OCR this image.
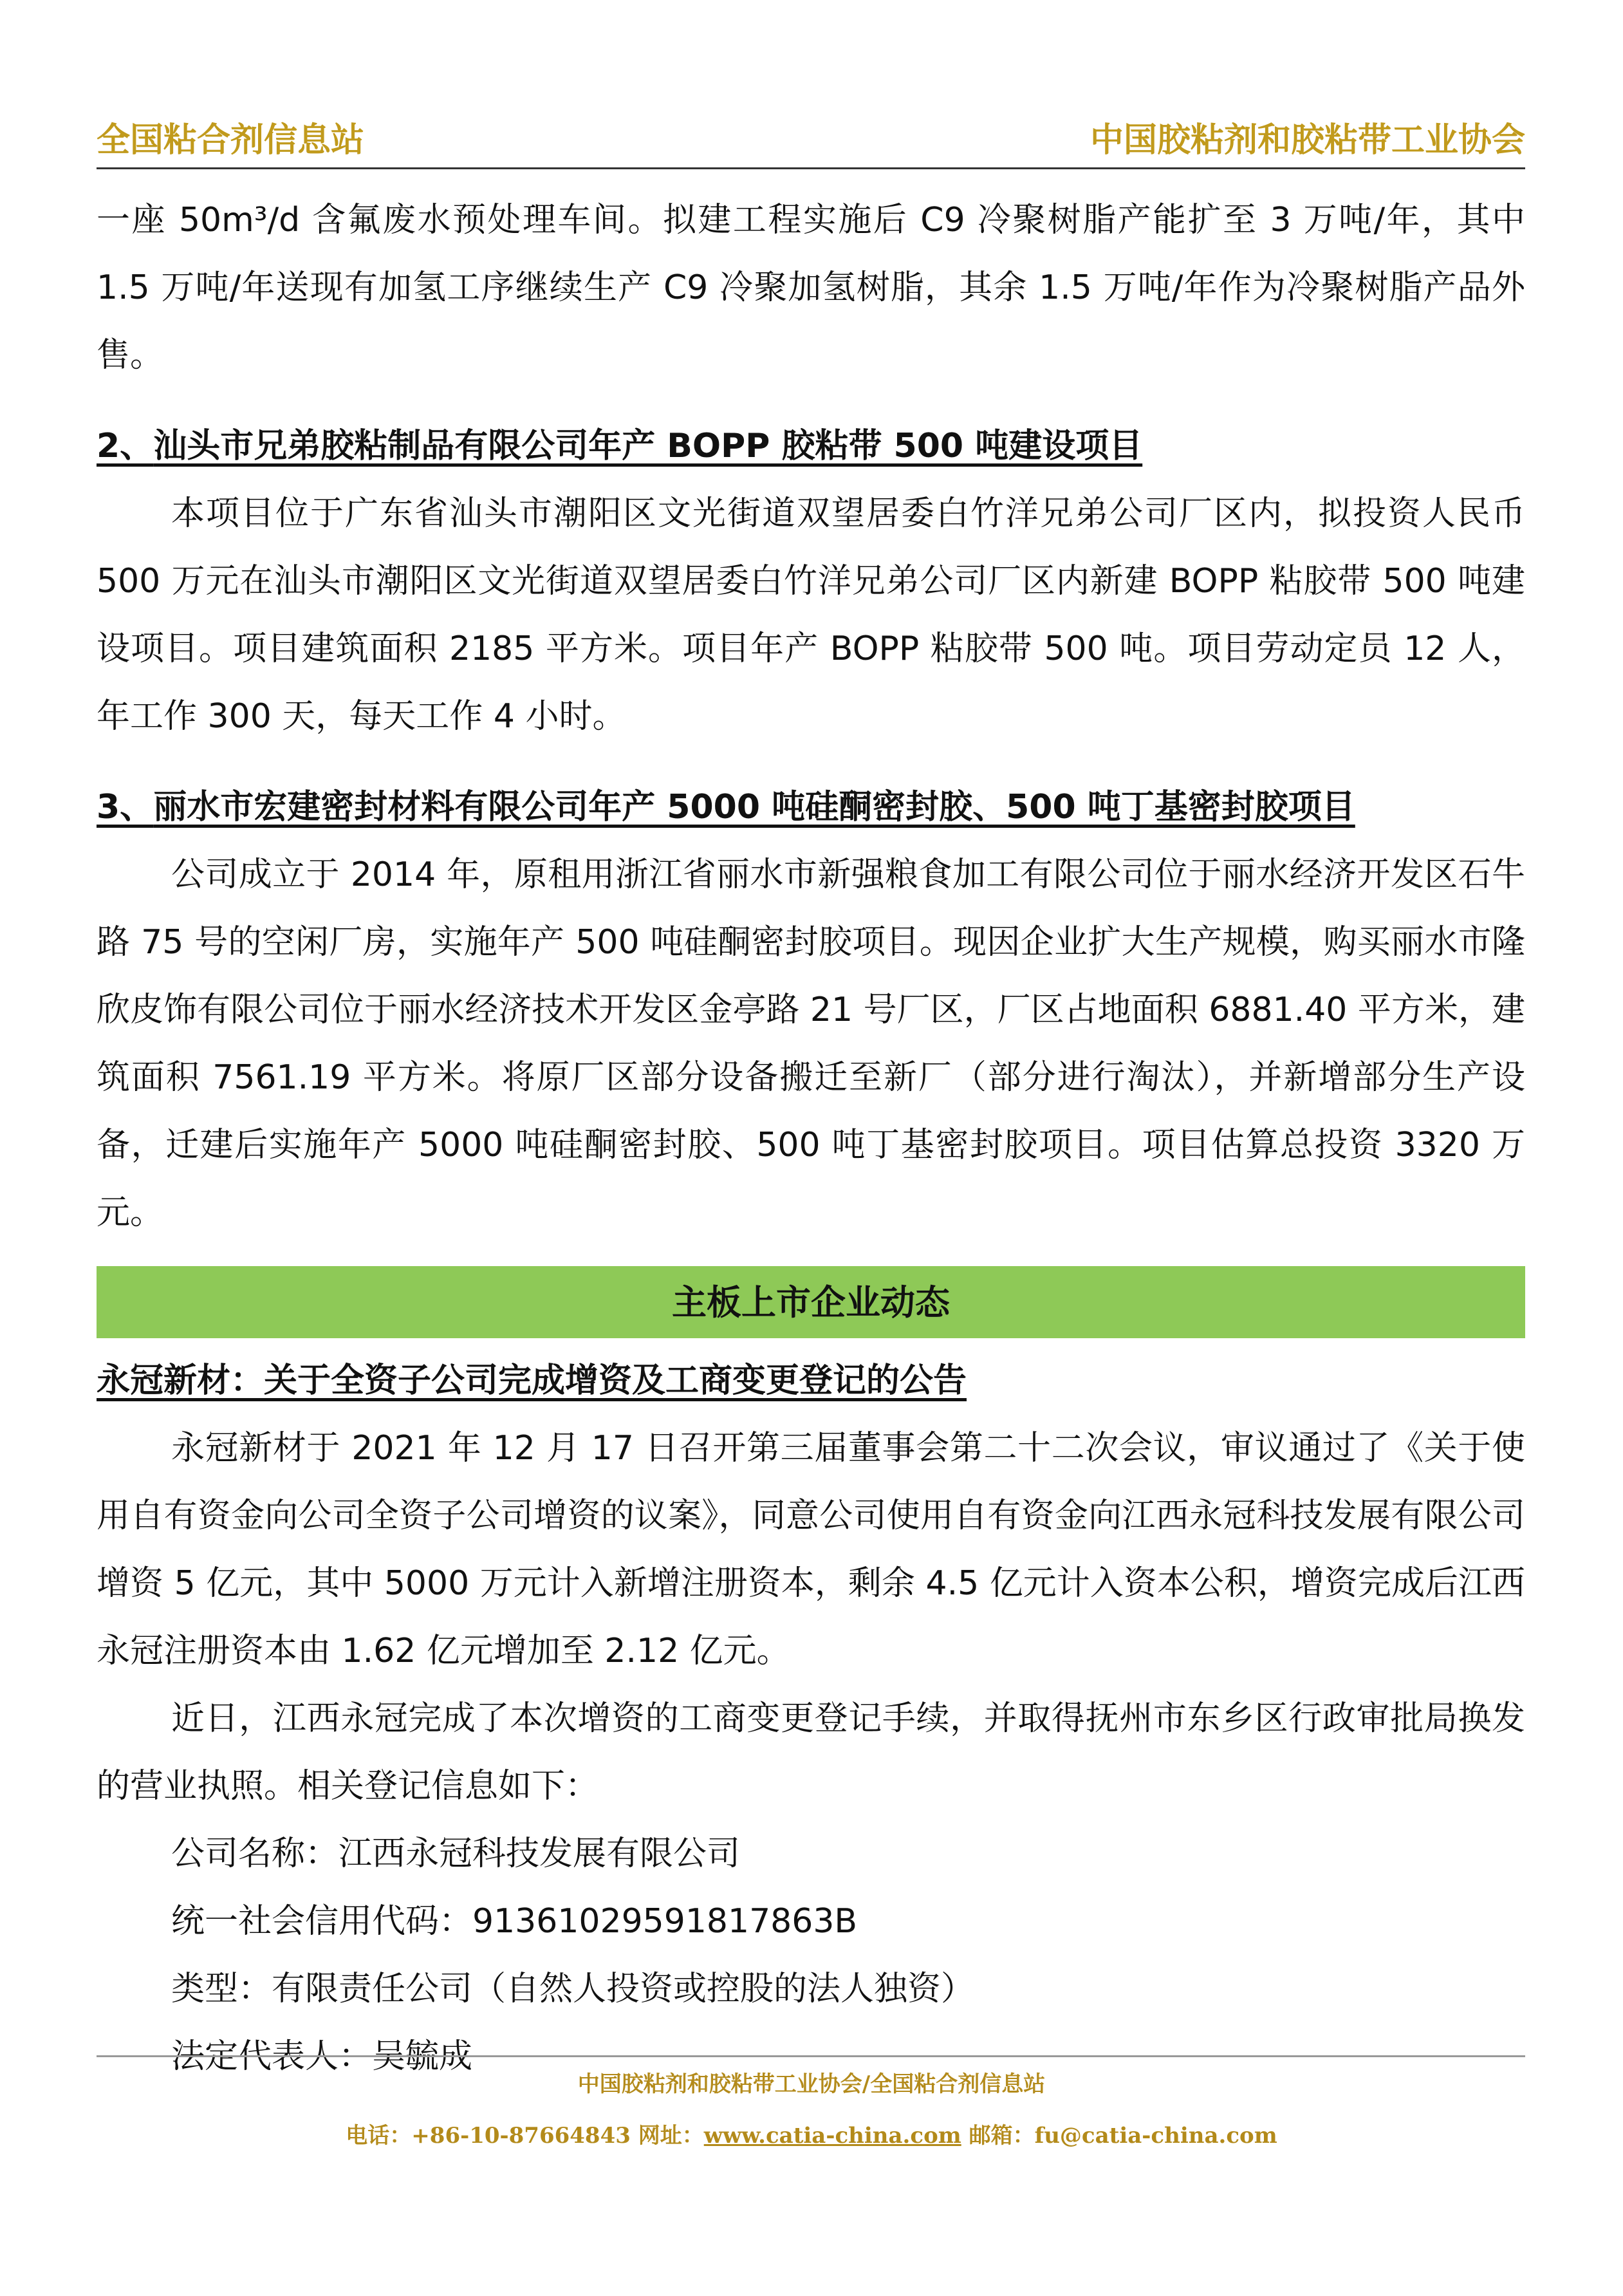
全国粘合剂信息站	中国胶粘剂和胶粘带工业协会

一座 50m³/d 含氟废水预处理车间。拟建工程实施后 C9 冷聚树脂产能扩至 3 万吨/年，其中 1.5 万吨/年送现有加氢工序继续生产 C9 冷聚加氢树脂，其余 1.5 万吨/年作为冷聚树脂产品外售。

2、汕头市兄弟胶粘制品有限公司年产 BOPP 胶粘带 500 吨建设项目

本项目位于广东省汕头市潮阳区文光街道双望居委白竹洋兄弟公司厂区内，拟投资人民币 500 万元在汕头市潮阳区文光街道双望居委白竹洋兄弟公司厂区内新建 BOPP 粘胶带 500 吨建设项目。项目建筑面积 2185 平方米。项目年产 BOPP 粘胶带 500 吨。项目劳动定员 12 人，年工作 300 天，每天工作 4 小时。

3、丽水市宏建密封材料有限公司年产 5000 吨硅酮密封胶、500 吨丁基密封胶项目

公司成立于 2014 年，原租用浙江省丽水市新强粮食加工有限公司位于丽水经济开发区石牛路 75 号的空闲厂房，实施年产 500 吨硅酮密封胶项目。现因企业扩大生产规模，购买丽水市隆欣皮饰有限公司位于丽水经济技术开发区金亭路 21 号厂区，厂区占地面积 6881.40 平方米，建筑面积 7561.19 平方米。将原厂区部分设备搬迁至新厂（部分进行淘汰），并新增部分生产设备，迁建后实施年产 5000 吨硅酮密封胶、500 吨丁基密封胶项目。项目估算总投资 3320 万元。

主板上市企业动态

永冠新材：关于全资子公司完成增资及工商变更登记的公告

永冠新材于 2021 年 12 月 17 日召开第三届董事会第二十二次会议，审议通过了《关于使用自有资金向公司全资子公司增资的议案》，同意公司使用自有资金向江西永冠科技发展有限公司增资 5 亿元，其中 5000 万元计入新增注册资本，剩余 4.5 亿元计入资本公积，增资完成后江西永冠注册资本由 1.62 亿元增加至 2.12 亿元。

近日，江西永冠完成了本次增资的工商变更登记手续，并取得抚州市东乡区行政审批局换发的营业执照。相关登记信息如下：

公司名称：江西永冠科技发展有限公司

统一社会信用代码：91361029591817863B

类型：有限责任公司（自然人投资或控股的法人独资）

法定代表人：吴毓成

中国胶粘剂和胶粘带工业协会/全国粘合剂信息站
电话：+86-10-87664843 网址：www.catia-china.com 邮箱：fu@catia-china.com
